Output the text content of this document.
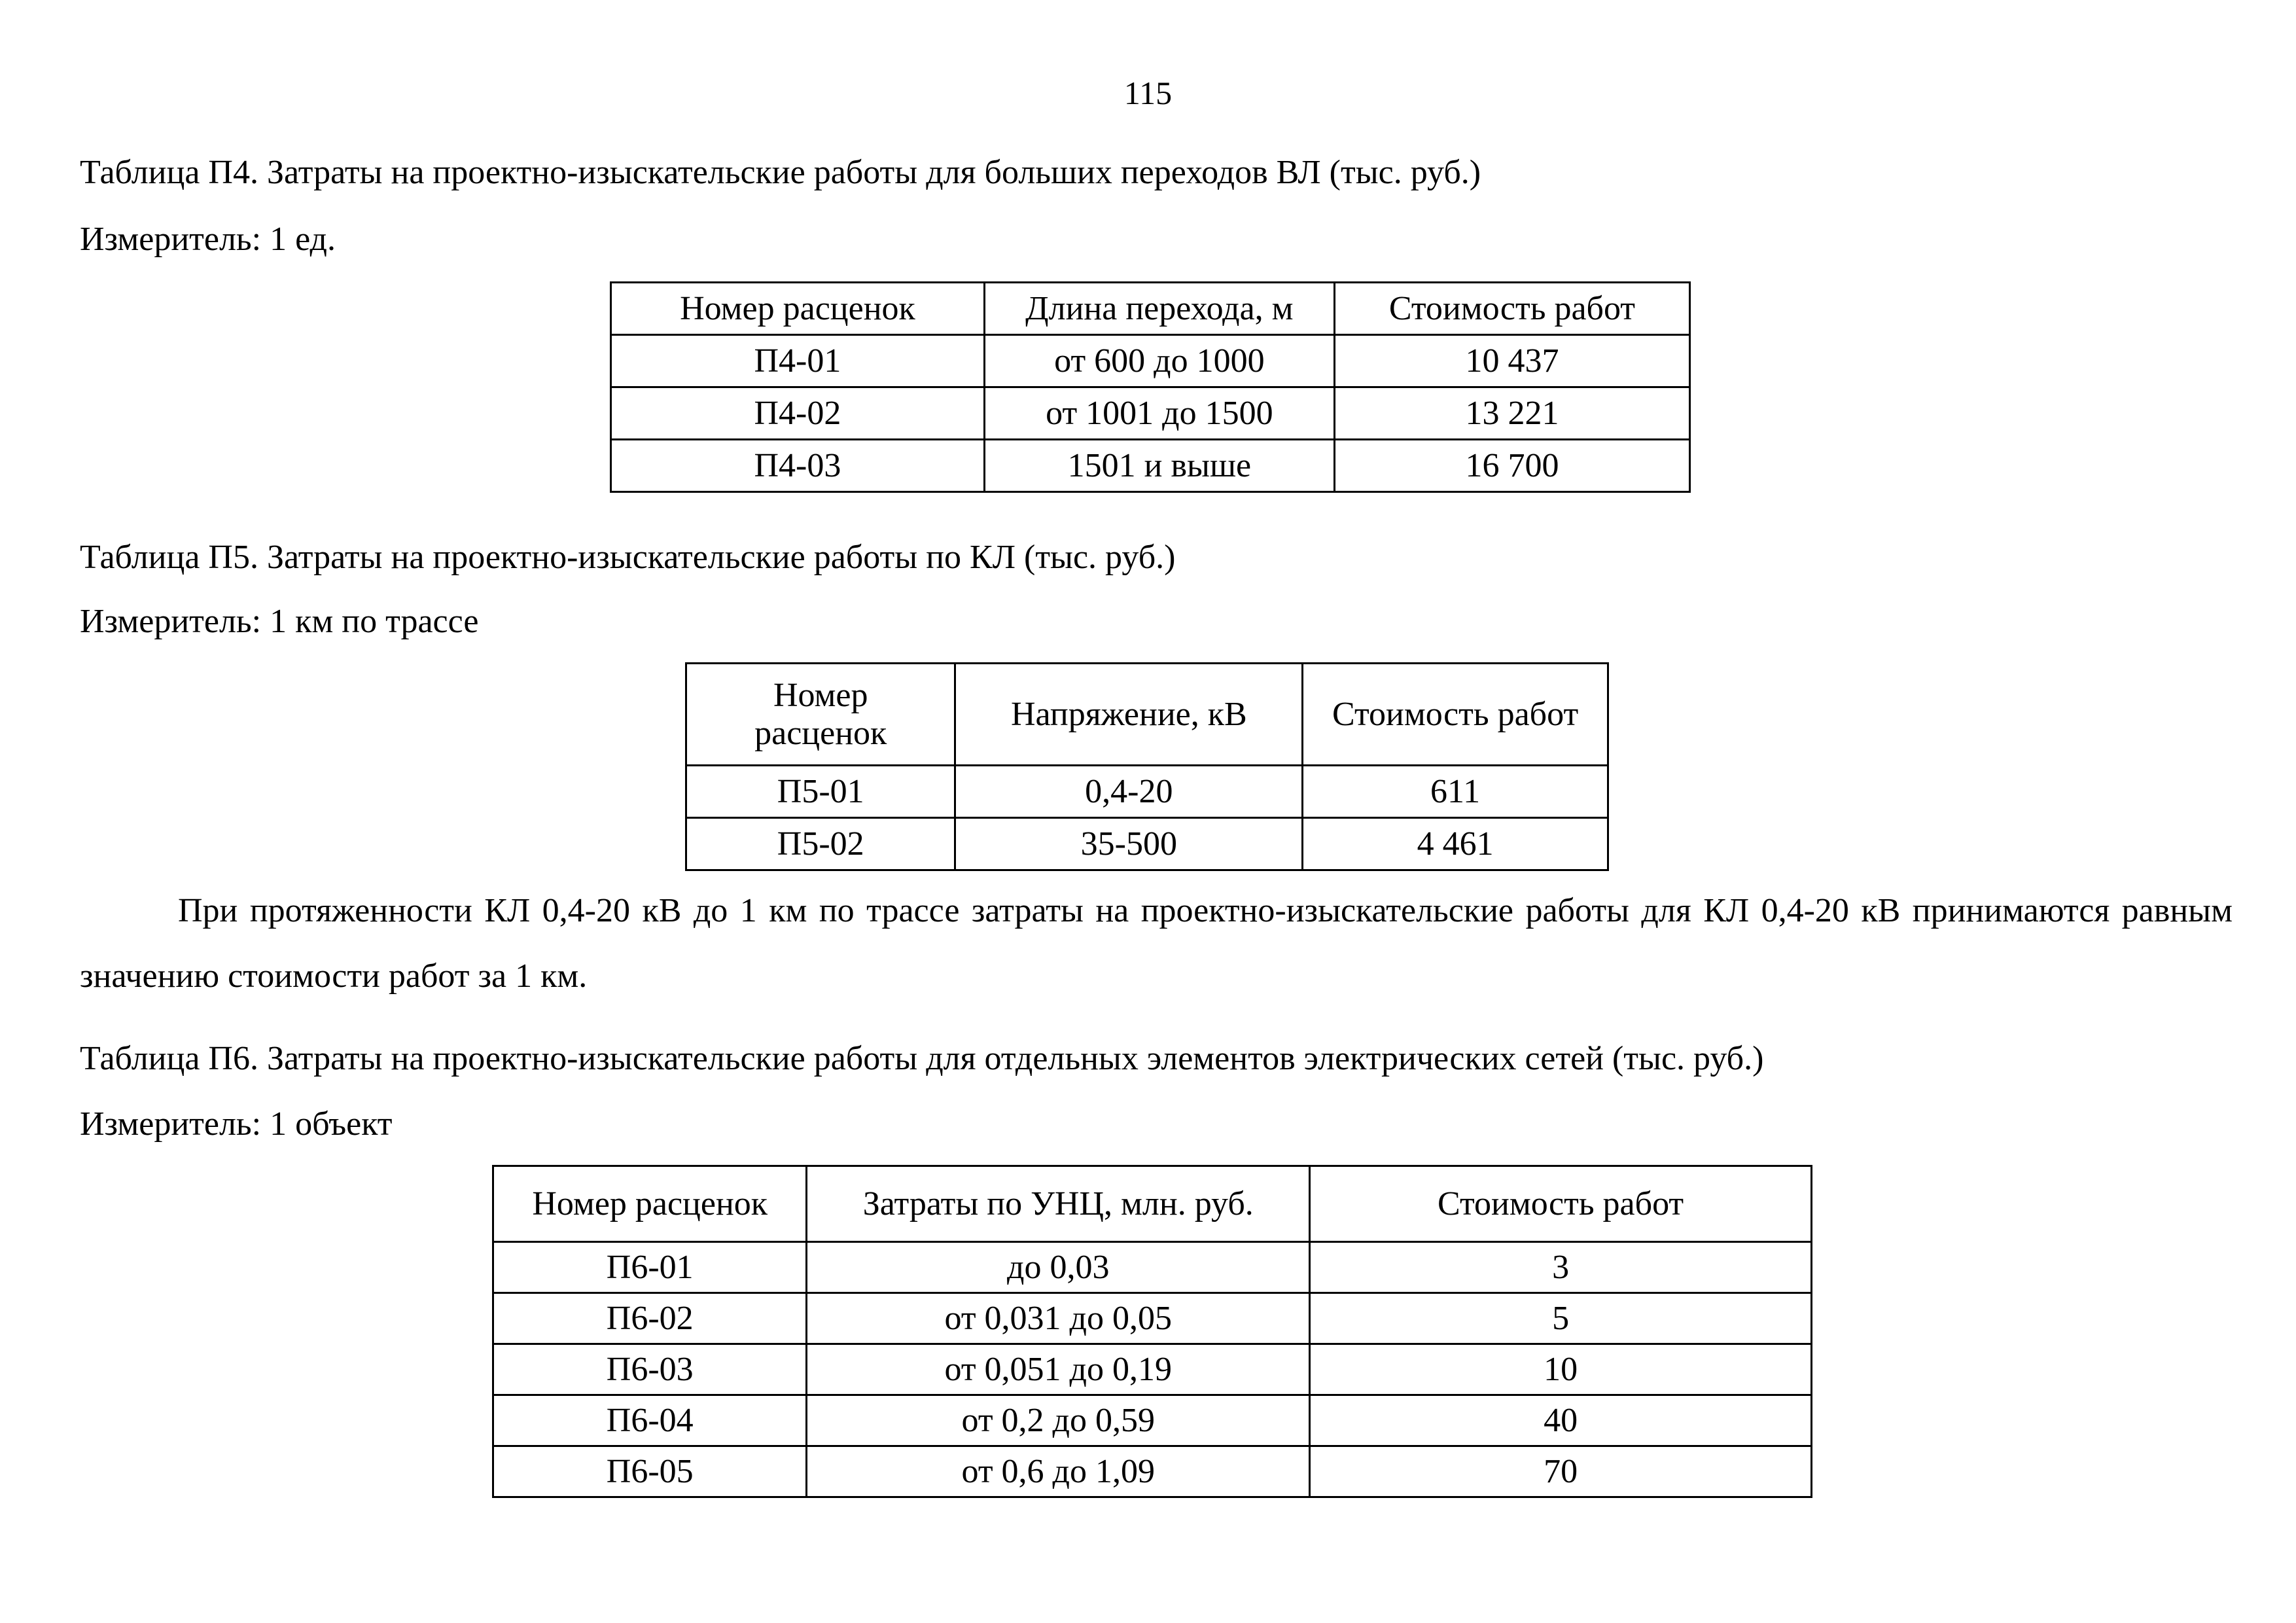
115
Таблица П4. Затраты на проектно-изыскательские работы для больших переходов ВЛ (тыс. руб.)
Измеритель: 1 ед.
Номер расценок	Длина перехода, м	Стоимость работ
П4-01	от 600 до 1000	10 437
П4-02	от 1001 до 1500	13 221
П4-03	1501 и выше	16 700
Таблица П5. Затраты на проектно-изыскательские работы по КЛ (тыс. руб.)
Измеритель: 1 км по трассе
Номер расценок	Напряжение, кВ	Стоимость работ
П5-01	0,4-20	611
П5-02	35-500	4 461
При протяженности КЛ 0,4-20 кВ до 1 км по трассе затраты на проектно-изыскательские работы для КЛ 0,4-20 кВ принимаются равным значению стоимости работ за 1 км.
Таблица П6. Затраты на проектно-изыскательские работы для отдельных элементов электрических сетей (тыс. руб.)
Измеритель: 1 объект
Номер расценок	Затраты по УНЦ, млн. руб.	Стоимость работ
П6-01	до 0,03	3
П6-02	от 0,031 до 0,05	5
П6-03	от 0,051 до 0,19	10
П6-04	от 0,2 до 0,59	40
П6-05	от 0,6 до 1,09	70
